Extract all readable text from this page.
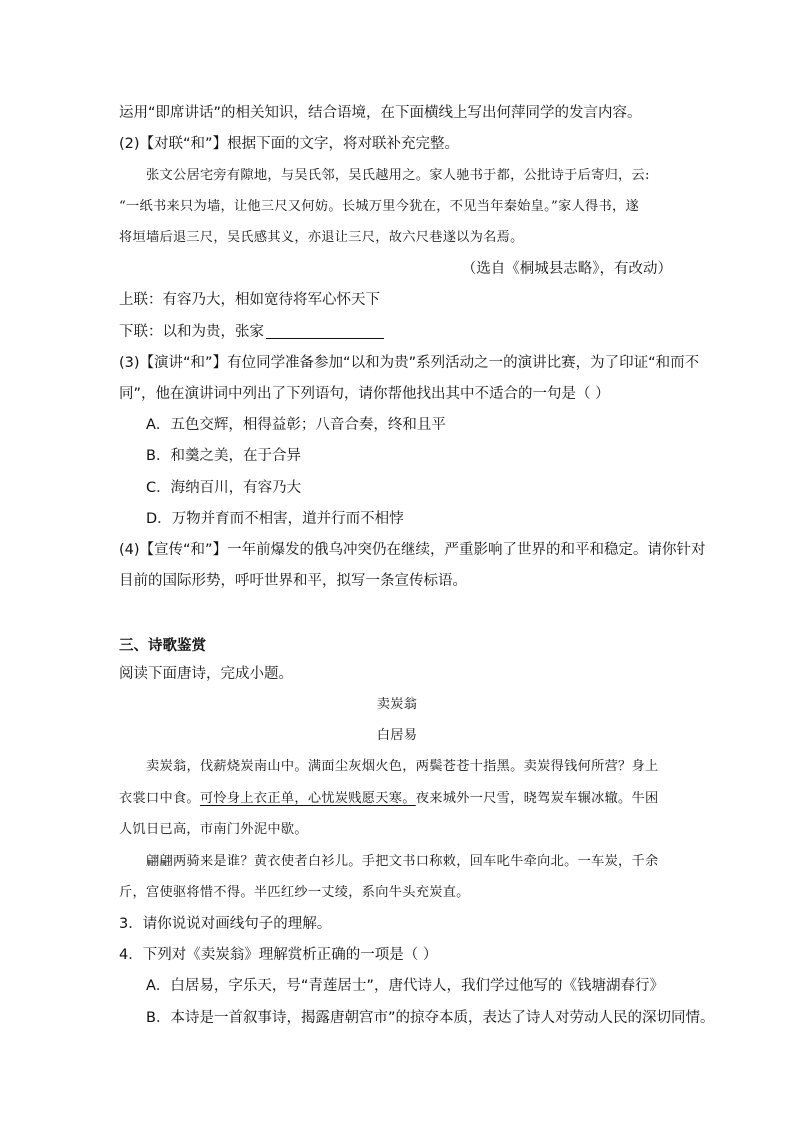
运用“即席讲话”的相关知识，结合语境，在下面横线上写出何萍同学的发言内容。
(2)【对联“和”】根据下面的文字，将对联补充完整。
张文公居宅旁有隙地，与吴氏邻，吴氏越用之。家人驰书于都，公批诗于后寄归，云:
“一纸书来只为墙，让他三尺又何妨。长城万里今犹在，不见当年秦始皇。”家人得书，遂
将垣墙后退三尺，吴氏感其义，亦退让三尺，故六尺巷遂以为名焉。
（选自《桐城县志略》，有改动）
上联：有容乃大，相如宽待将军心怀天下
下联：以和为贵，张家
(3)【演讲“和”】有位同学准备参加“以和为贵”系列活动之一的演讲比赛，为了印证“和而不
同”，他在演讲词中列出了下列语句，请你帮他找出其中不适合的一句是（ ）
A．五色交辉，相得益彰；八音合奏，终和且平
B．和羹之美，在于合异
C．海纳百川，有容乃大
D．万物并育而不相害，道并行而不相悖
(4)【宣传“和”】一年前爆发的俄乌冲突仍在继续，严重影响了世界的和平和稳定。请你针对
目前的国际形势，呼吁世界和平，拟写一条宣传标语。
三、诗歌鉴赏
阅读下面唐诗，完成小题。
卖炭翁
白居易
卖炭翁，伐薪烧炭南山中。满面尘灰烟火色，两鬓苍苍十指黑。卖炭得钱何所营？身上
衣裳口中食。可怜身上衣正单，心忧炭贱愿天寒。夜来城外一尺雪，晓驾炭车辗冰辙。牛困
人饥日已高，市南门外泥中歇。
翩翩两骑来是谁？黄衣使者白衫儿。手把文书口称敕，回车叱牛牵向北。一车炭，千余
斤，宫使驱将惜不得。半匹红纱一丈绫，系向牛头充炭直。
3．请你说说对画线句子的理解。
4．下列对《卖炭翁》理解赏析正确的一项是（ ）
A．白居易，字乐天，号“青莲居士”，唐代诗人，我们学过他写的《钱塘湖春行》
B．本诗是一首叙事诗，揭露唐朝宫市”的掠夺本质，表达了诗人对劳动人民的深切同情。
